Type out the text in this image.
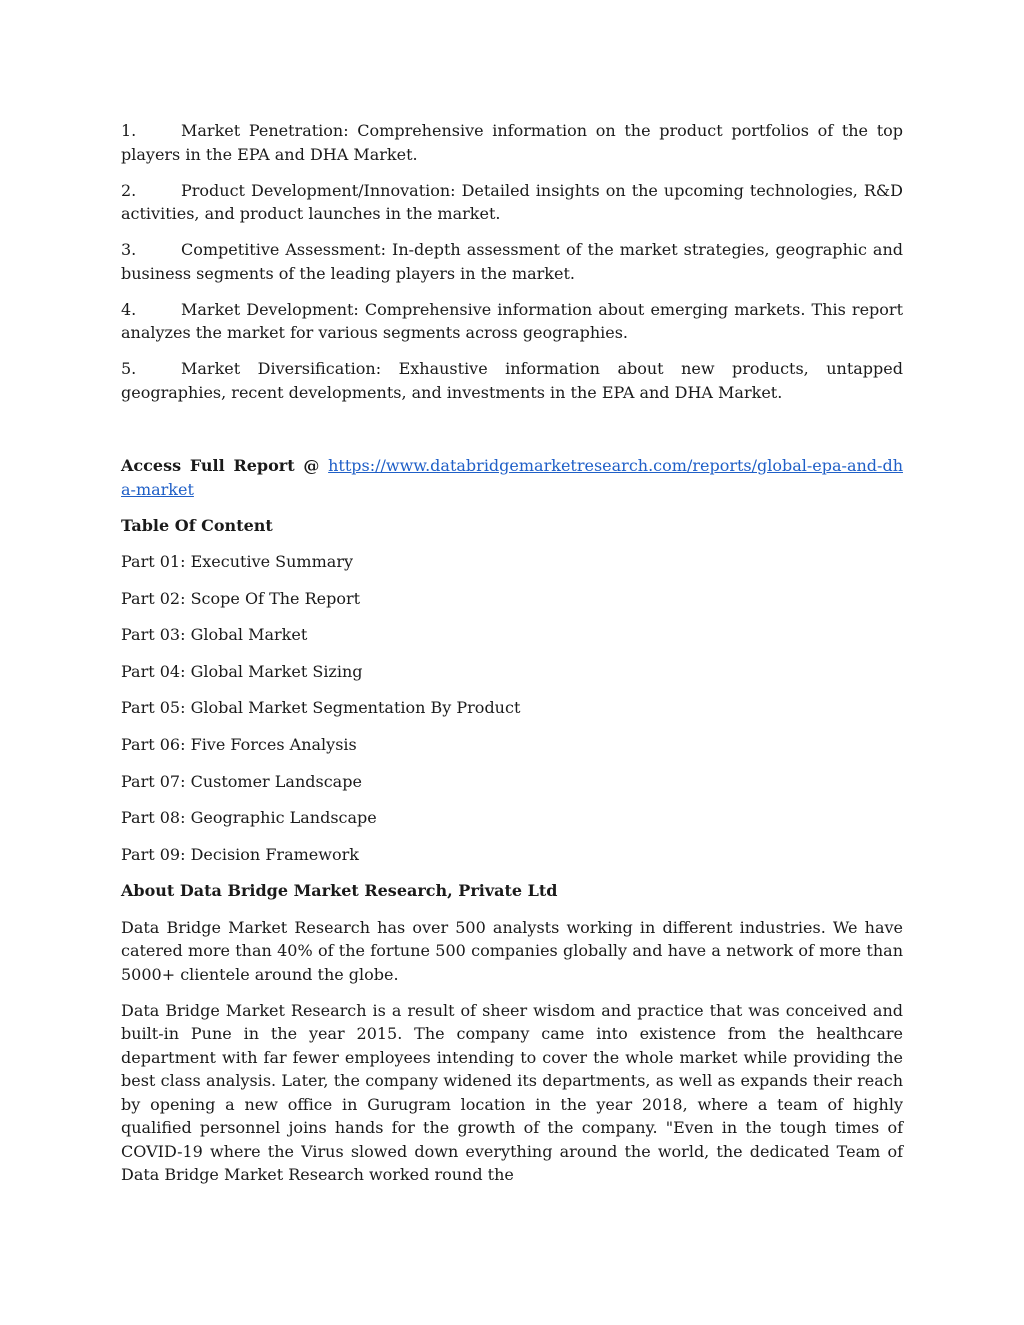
1.	Market Penetration: Comprehensive information on the product portfolios of the top players in the EPA and DHA Market.

2.	Product Development/Innovation: Detailed insights on the upcoming technologies, R&D activities, and product launches in the market.

3.	Competitive Assessment: In-depth assessment of the market strategies, geographic and business segments of the leading players in the market.

4.	Market Development: Comprehensive information about emerging markets. This report analyzes the market for various segments across geographies.

5.	Market Diversification: Exhaustive information about new products, untapped geographies, recent developments, and investments in the EPA and DHA Market.

Access Full Report @ https://www.databridgemarketresearch.com/reports/global-epa-and-dha-market

Table Of Content

Part 01: Executive Summary

Part 02: Scope Of The Report

Part 03: Global Market

Part 04: Global Market Sizing

Part 05: Global Market Segmentation By Product

Part 06: Five Forces Analysis

Part 07: Customer Landscape

Part 08: Geographic Landscape

Part 09: Decision Framework

About Data Bridge Market Research, Private Ltd

Data Bridge Market Research has over 500 analysts working in different industries. We have catered more than 40% of the fortune 500 companies globally and have a network of more than 5000+ clientele around the globe.

Data Bridge Market Research is a result of sheer wisdom and practice that was conceived and built-in Pune in the year 2015. The company came into existence from the healthcare department with far fewer employees intending to cover the whole market while providing the best class analysis. Later, the company widened its departments, as well as expands their reach by opening a new office in Gurugram location in the year 2018, where a team of highly qualified personnel joins hands for the growth of the company. "Even in the tough times of COVID-19 where the Virus slowed down everything around the world, the dedicated Team of Data Bridge Market Research worked round the
